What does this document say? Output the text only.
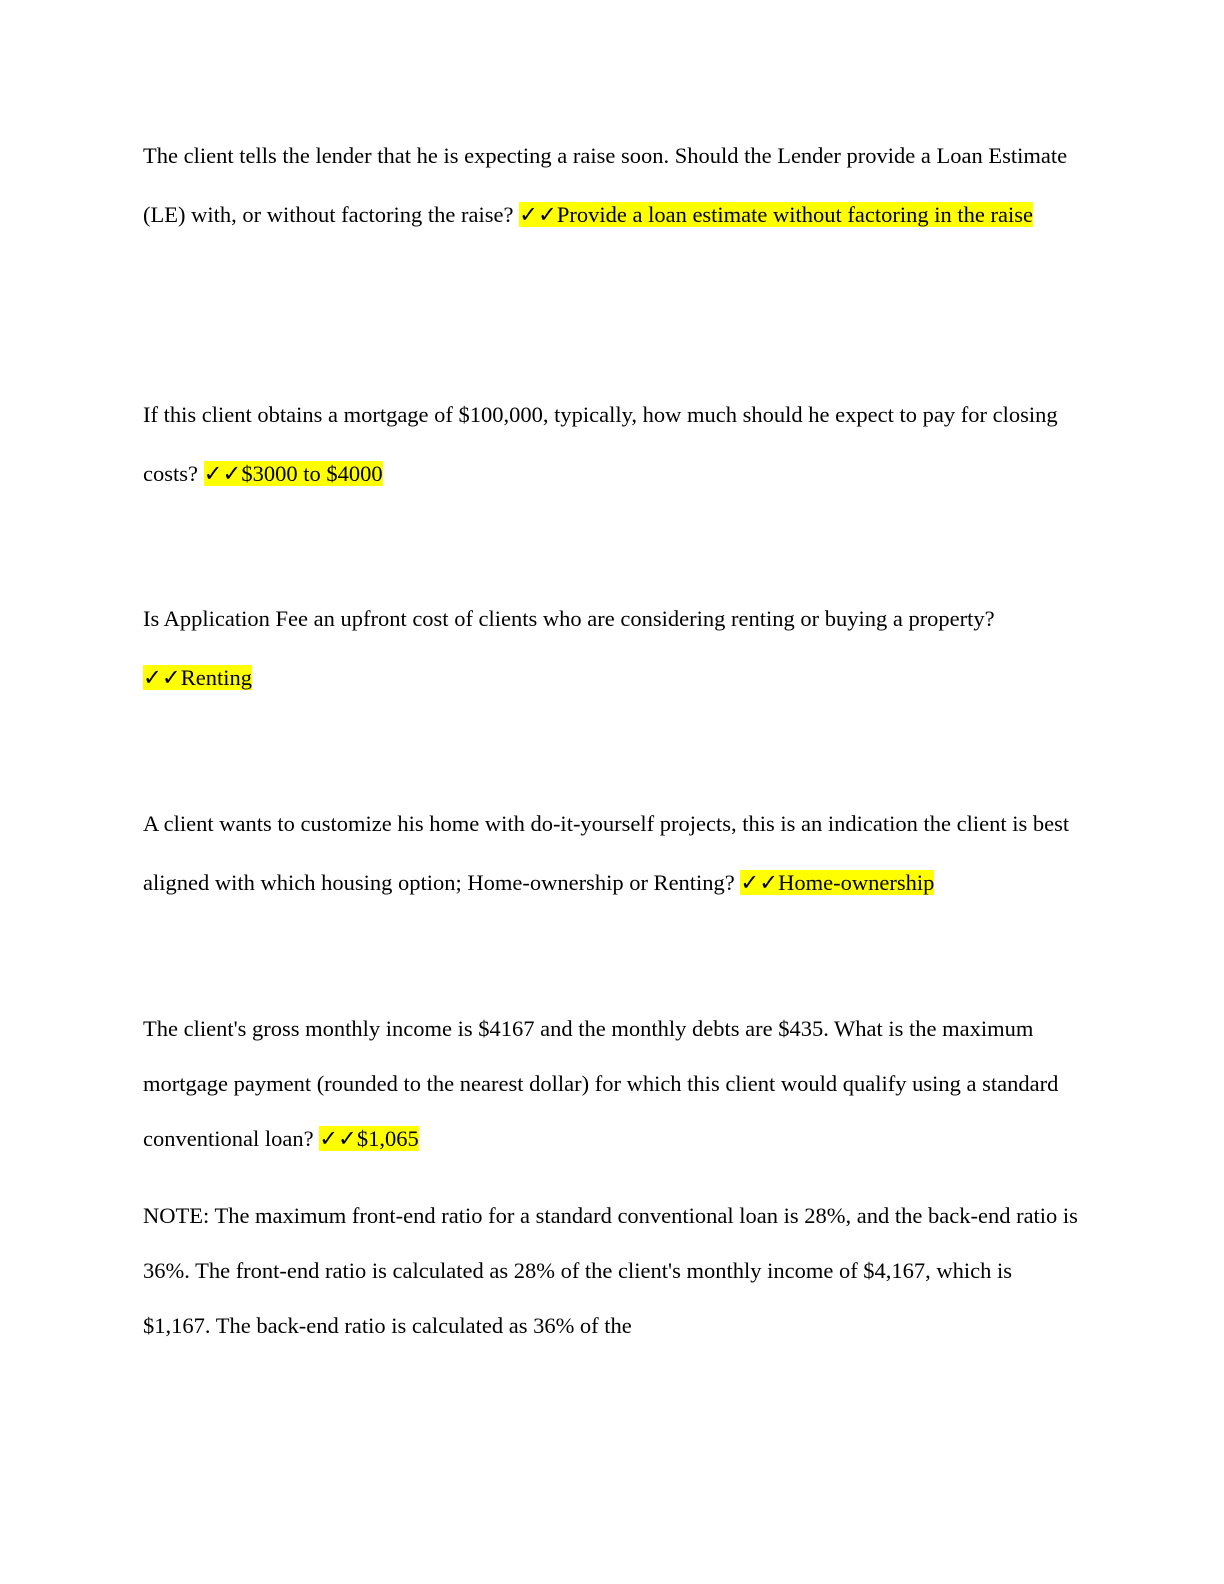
The client tells the lender that he is expecting a raise soon. Should the Lender provide a Loan Estimate (LE) with, or without factoring the raise? ✓✓Provide a loan estimate without factoring in the raise

If this client obtains a mortgage of $100,000, typically, how much should he expect to pay for closing costs? ✓✓$3000 to $4000

Is Application Fee an upfront cost of clients who are considering renting or buying a property? ✓✓Renting

A client wants to customize his home with do-it-yourself projects, this is an indication the client is best aligned with which housing option; Home-ownership or Renting? ✓✓Home-ownership

The client's gross monthly income is $4167 and the monthly debts are $435. What is the maximum mortgage payment (rounded to the nearest dollar) for which this client would qualify using a standard conventional loan? ✓✓$1,065

NOTE: The maximum front-end ratio for a standard conventional loan is 28%, and the back-end ratio is 36%. The front-end ratio is calculated as 28% of the client's monthly income of $4,167, which is $1,167. The back-end ratio is calculated as 36% of the
